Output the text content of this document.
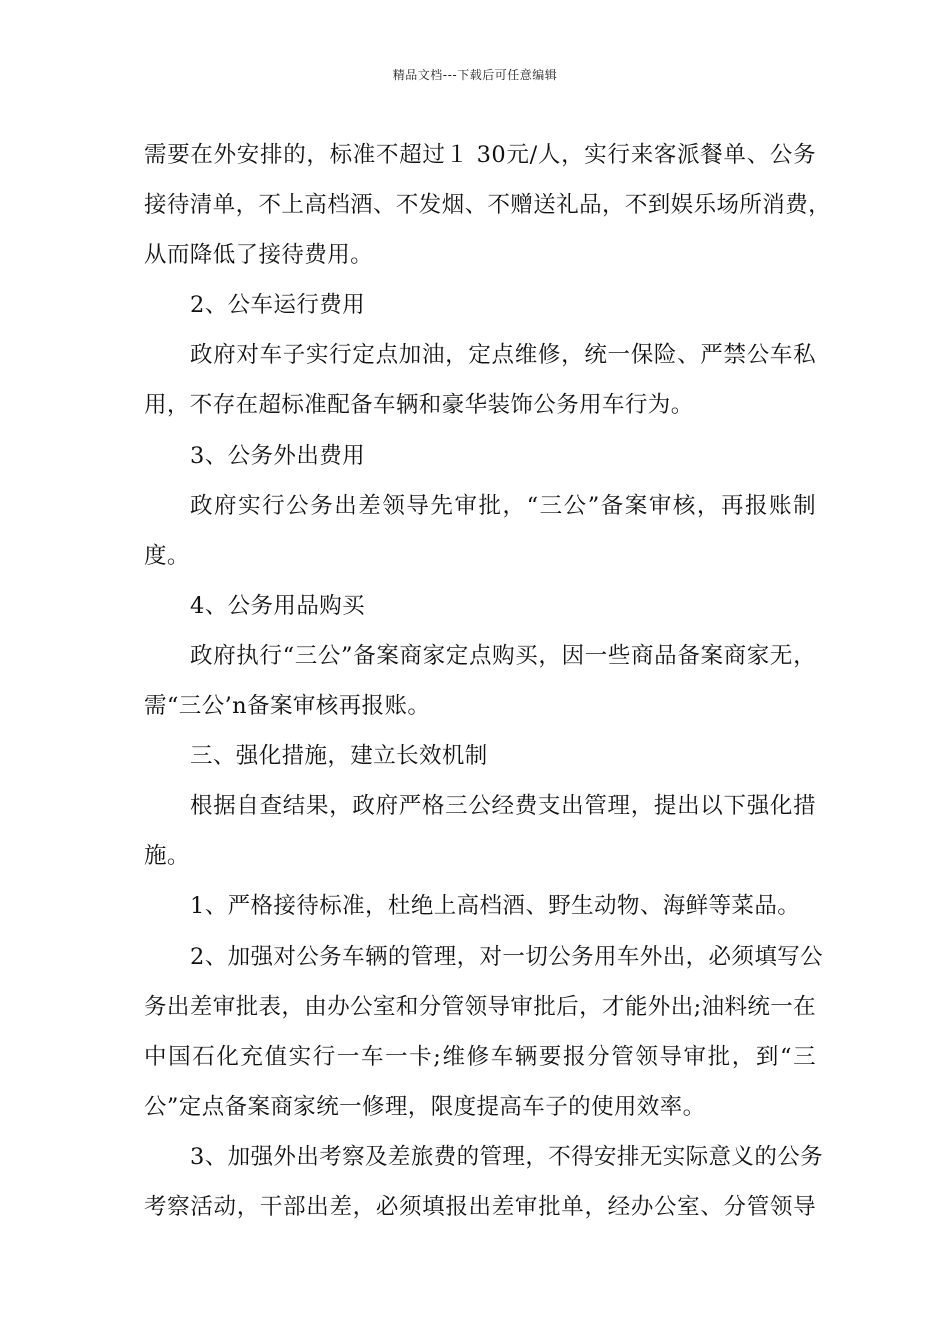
精品文档---下载后可任意编辑
需要在外安排的，标准不超过１ 30元/人，实行来客派餐单、公务
接待清单，不上高档酒、不发烟、不赠送礼品，不到娱乐场所消费，
从而降低了接待费用。
2、公车运行费用
政府对车子实行定点加油，定点维修，统一保险、严禁公车私
用，不存在超标准配备车辆和豪华装饰公务用车行为。
3、公务外出费用
政府实行公务出差领导先审批，“三公”备案审核，再报账制
度。
4、公务用品购买
政府执行“三公”备案商家定点购买，因一些商品备案商家无，
需“三公’n备案审核再报账。
三、强化措施，建立长效机制
根据自查结果，政府严格三公经费支出管理，提出以下强化措
施。
1、严格接待标准，杜绝上高档酒、野生动物、海鲜等菜品。
2、加强对公务车辆的管理，对一切公务用车外出，必须填写公
务出差审批表，由办公室和分管领导审批后，才能外出;油料统一在
中国石化充值实行一车一卡;维修车辆要报分管领导审批，到“三
公”定点备案商家统一修理，限度提高车子的使用效率。
3、加强外出考察及差旅费的管理，不得安排无实际意义的公务
考察活动，干部出差，必须填报出差审批单，经办公室、分管领导
